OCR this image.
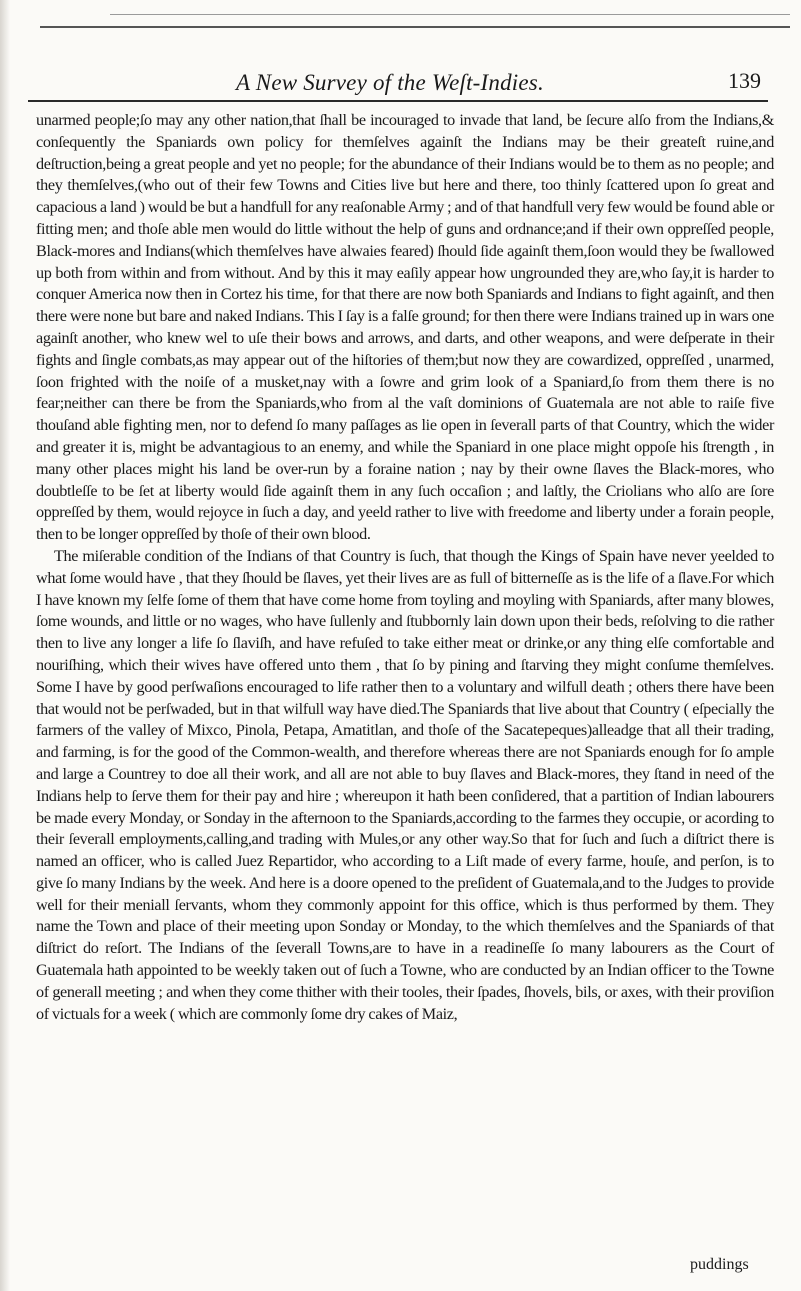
A New Survey of the Weſt-Indies.	139

unarmed people;ſo may any other nation,that ſhall be incouraged to invade that land, be ſecure alſo from the Indians,& conſequently the Spaniards own policy for themſelves againſt the Indians may be their greateſt ruine,and deſtruction,being a great people and yet no people; for the abundance of their Indians would be to them as no people; and they themſelves,(who out of their few Towns and Cities live but here and there, too thinly ſcattered upon ſo great and capacious a land ) would be but a handfull for any reaſonable Army ; and of that handfull very few would be found able or fitting men; and thoſe able men would do little without the help of guns and ordnance;and if their own oppreſſed people, Black-mores and Indians(which themſelves have alwaies feared) ſhould ſide againſt them,ſoon would they be ſwallowed up both from within and from without. And by this it may eaſily appear how ungrounded they are,who ſay,it is harder to conquer America now then in Cortez his time, for that there are now both Spaniards and Indians to fight againſt, and then there were none but bare and naked Indians. This I ſay is a falſe ground; for then there were Indians trained up in wars one againſt another, who knew wel to uſe their bows and arrows, and darts, and other weapons, and were deſperate in their fights and ſingle combats,as may appear out of the hiſtories of them;but now they are cowardized, oppreſſed , unarmed, ſoon frighted with the noiſe of a musket,nay with a ſowre and grim look of a Spaniard,ſo from them there is no fear;neither can there be from the Spaniards,who from al the vaſt dominions of Guatemala are not able to raiſe five thouſand able fighting men, nor to defend ſo many paſſages as lie open in ſeverall parts of that Country, which the wider and greater it is, might be advantagious to an enemy, and while the Spaniard in one place might oppoſe his ſtrength , in many other places might his land be over-run by a foraine nation ; nay by their owne ſlaves the Black-mores, who doubtleſſe to be ſet at liberty would ſide againſt them in any ſuch occaſion ; and laſtly, the Criolians who alſo are ſore oppreſſed by them, would rejoyce in ſuch a day, and yeeld rather to live with freedome and liberty under a forain people, then to be longer oppreſſed by thoſe of their own blood.

The miſerable condition of the Indians of that Country is ſuch, that though the Kings of Spain have never yeelded to what ſome would have , that they ſhould be ſlaves, yet their lives are as full of bitterneſſe as is the life of a ſlave.For which I have known my ſelfe ſome of them that have come home from toyling and moyling with Spaniards, after many blowes, ſome wounds, and little or no wages, who have ſullenly and ſtubbornly lain down upon their beds, reſolving to die rather then to live any longer a life ſo ſlaviſh, and have refuſed to take either meat or drinke,or any thing elſe comfortable and nouriſhing, which their wives have offered unto them , that ſo by pining and ſtarving they might conſume themſelves. Some I have by good perſwaſions encouraged to life rather then to a voluntary and wilfull death ; others there have been that would not be perſwaded, but in that wilfull way have died.The Spaniards that live about that Country ( eſpecially the farmers of the valley of Mixco, Pinola, Petapa, Amatitlan, and thoſe of the Sacatepeques)alleadge that all their trading, and farming, is for the good of the Common-wealth, and therefore whereas there are not Spaniards enough for ſo ample and large a Countrey to doe all their work, and all are not able to buy ſlaves and Black-mores, they ſtand in need of the Indians help to ſerve them for their pay and hire ; whereupon it hath been conſidered, that a partition of Indian labourers be made every Monday, or Sonday in the afternoon to the Spaniards,according to the farmes they occupie, or acording to their ſeverall employments,calling,and trading with Mules,or any other way.So that for ſuch and ſuch a diſtrict there is named an officer, who is called Juez Repartidor, who according to a Liſt made of every farme, houſe, and perſon, is to give ſo many Indians by the week. And here is a doore opened to the preſident of Guatemala,and to the Judges to provide well for their meniall ſervants, whom they commonly appoint for this office, which is thus performed by them. They name the Town and place of their meeting upon Sonday or Monday, to the which themſelves and the Spaniards of that diſtrict do reſort. The Indians of the ſeverall Towns,are to have in a readineſſe ſo many labourers as the Court of Guatemala hath appointed to be weekly taken out of ſuch a Towne, who are conducted by an Indian officer to the Towne of generall meeting ; and when they come thither with their tooles, their ſpades, ſhovels, bils, or axes, with their proviſion of victuals for a week ( which are commonly ſome dry cakes of Maiz,

puddings
